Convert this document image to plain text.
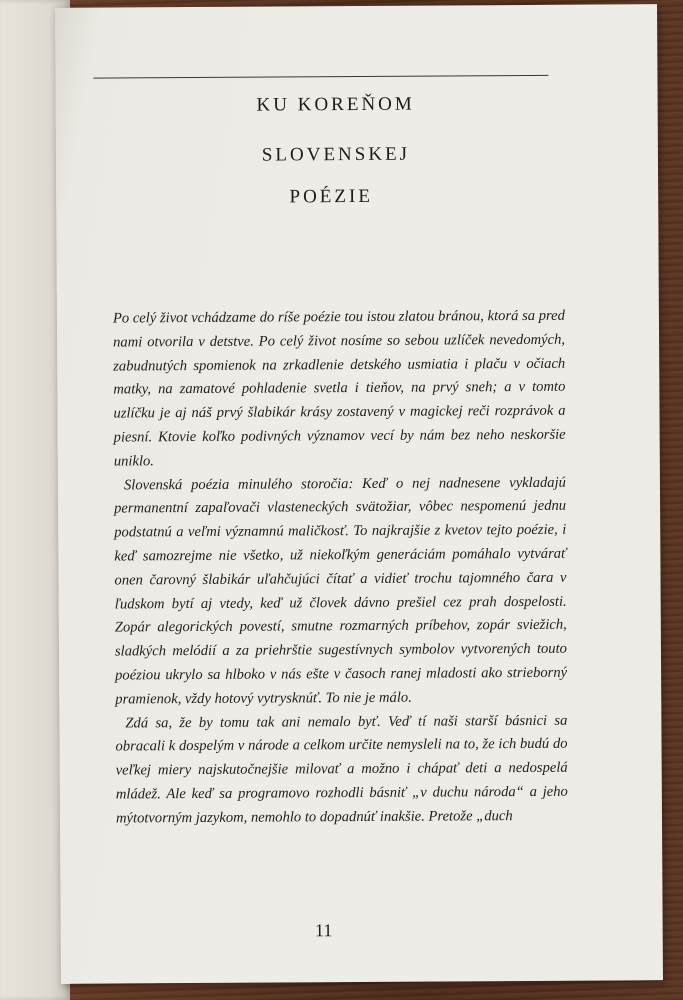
KU KOREŇOM
SLOVENSKEJ
POÉZIE

Po celý život vchádzame do ríše poézie tou istou zlatou bránou, ktorá sa pred nami otvorila v detstve. Po celý život nosíme so sebou uzlíček nevedomých, zabudnutých spomienok na zrkadlenie detského usmiatia i plaču v očiach matky, na zamatové pohladenie svetla i tieňov, na prvý sneh; a v tomto uzlíčku je aj náš prvý šlabikár krásy zostavený v magickej reči rozprávok a piesní. Ktovie koľko podivných významov vecí by nám bez neho neskoršie uniklo.

Slovenská poézia minulého storočia: Keď o nej nadnesene vykladajú permanentní zapaľovači vlasteneckých svätožiar, vôbec nespomenú jednu podstatnú a veľmi významnú maličkosť. To najkrajšie z kvetov tejto poézie, i keď samozrejme nie všetko, už niekoľkým generáciám pomáhalo vytvárať onen čarovný šlabikár uľahčujúci čítať a vidieť trochu tajomného čara v ľudskom bytí aj vtedy, keď už človek dávno prešiel cez prah dospelosti. Zopár alegorických povestí, smutne rozmarných príbehov, zopár sviežich, sladkých melódií a za priehrštie sugestívnych symbolov vytvorených touto poéziou ukrylo sa hlboko v nás ešte v časoch ranej mladosti ako strieborný pramienok, vždy hotový vytrysknúť. To nie je málo.

Zdá sa, že by tomu tak ani nemalo byť. Veď tí naši starší básnici sa obracali k dospelým v národe a celkom určite nemysleli na to, že ich budú do veľkej miery najskutočnejšie milovať a možno i chápať deti a nedospelá mládež. Ale keď sa programovo rozhodli básniť „v duchu národa“ a jeho mýtotvorným jazykom, nemohlo to dopadnúť inakšie. Pretože „duch

11
